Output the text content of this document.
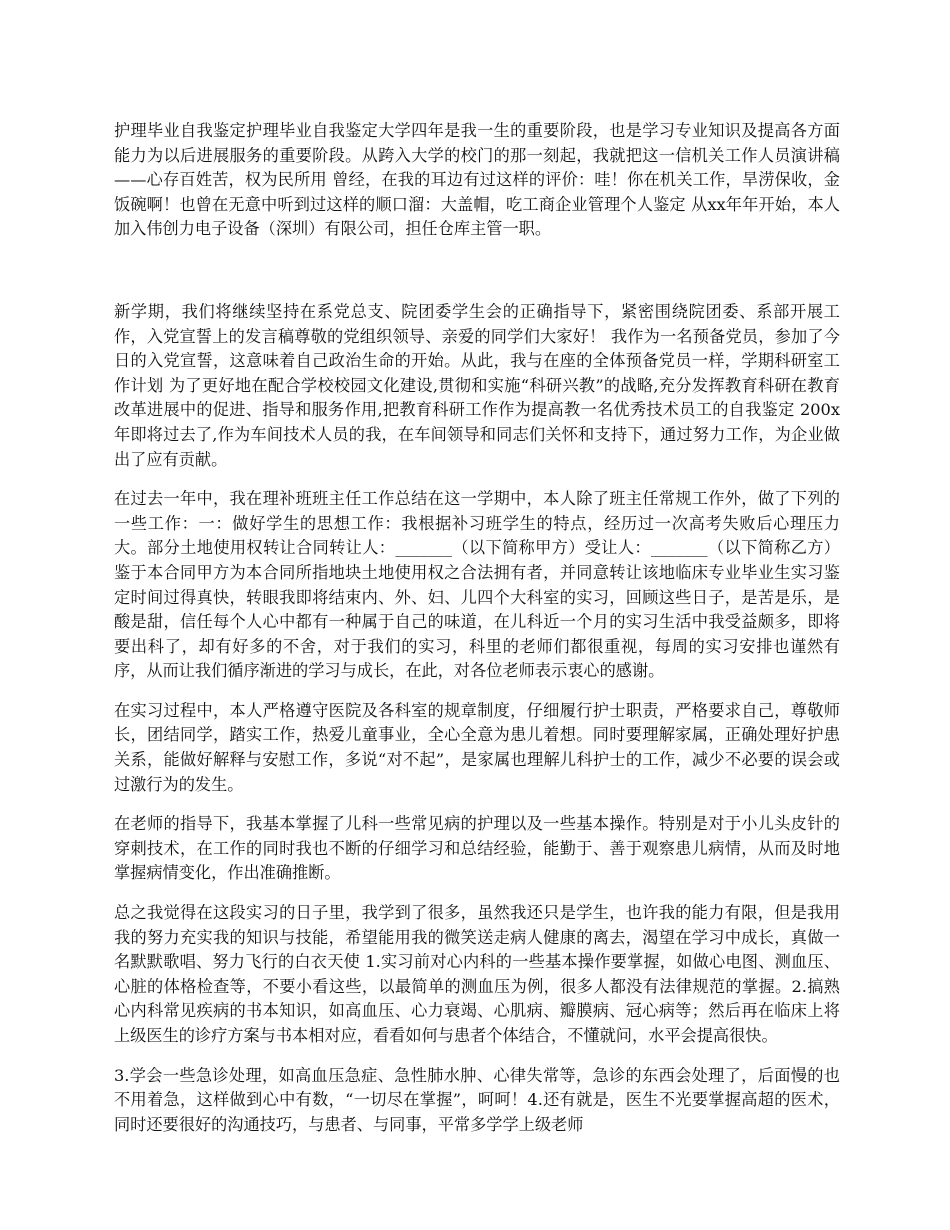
护理毕业自我鉴定护理毕业自我鉴定大学四年是我一生的重要阶段，也是学习专业知识及提高各方面能力为以后进展服务的重要阶段。从跨入大学的校门的那一刻起，我就把这一信机关工作人员演讲稿——心存百姓苦，权为民所用 曾经，在我的耳边有过这样的评价：哇！你在机关工作，旱涝保收，金饭碗啊！也曾在无意中听到过这样的顺口溜：大盖帽，吃工商企业管理个人鉴定 从xx年年开始，本人加入伟创力电子设备（深圳）有限公司，担任仓库主管一职。

新学期，我们将继续坚持在系党总支、院团委学生会的正确指导下，紧密围绕院团委、系部开展工作，入党宣誓上的发言稿尊敬的党组织领导、亲爱的同学们大家好！ 我作为一名预备党员，参加了今日的入党宣誓，这意味着自己政治生命的开始。从此，我与在座的全体预备党员一样，学期科研室工作计划 为了更好地在配合学校校园文化建设,贯彻和实施“科研兴教”的战略,充分发挥教育科研在教育改革进展中的促进、指导和服务作用,把教育科研工作作为提高教一名优秀技术员工的自我鉴定 200x年即将过去了,作为车间技术人员的我，在车间领导和同志们关怀和支持下，通过努力工作，为企业做出了应有贡献。

在过去一年中，我在理补班班主任工作总结在这一学期中，本人除了班主任常规工作外，做了下列的一些工作：一：做好学生的思想工作：我根据补习班学生的特点，经历过一次高考失败后心理压力大。部分土地使用权转让合同转让人：_______（以下简称甲方）受让人：_______（以下简称乙方）鉴于本合同甲方为本合同所指地块土地使用权之合法拥有者，并同意转让该地临床专业毕业生实习鉴定时间过得真快，转眼我即将结束内、外、妇、儿四个大科室的实习，回顾这些日子，是苦是乐，是酸是甜，信任每个人心中都有一种属于自己的味道，在儿科近一个月的实习生活中我受益颇多，即将要出科了，却有好多的不舍，对于我们的实习，科里的老师们都很重视，每周的实习安排也谨然有序，从而让我们循序渐进的学习与成长，在此，对各位老师表示衷心的感谢。

在实习过程中，本人严格遵守医院及各科室的规章制度，仔细履行护士职责，严格要求自己，尊敬师长，团结同学，踏实工作，热爱儿童事业，全心全意为患儿着想。同时要理解家属，正确处理好护患关系，能做好解释与安慰工作，多说“对不起”，是家属也理解儿科护士的工作，减少不必要的误会或过激行为的发生。

在老师的指导下，我基本掌握了儿科一些常见病的护理以及一些基本操作。特别是对于小儿头皮针的穿刺技术，在工作的同时我也不断的仔细学习和总结经验，能勤于、善于观察患儿病情，从而及时地掌握病情变化，作出准确推断。

总之我觉得在这段实习的日子里，我学到了很多，虽然我还只是学生，也许我的能力有限，但是我用我的努力充实我的知识与技能，希望能用我的微笑送走病人健康的离去，渴望在学习中成长，真做一名默默歌唱、努力飞行的白衣天使 1.实习前对心内科的一些基本操作要掌握，如做心电图、测血压、心脏的体格检查等，不要小看这些，以最简单的测血压为例，很多人都没有法律规范的掌握。2.搞熟心内科常见疾病的书本知识，如高血压、心力衰竭、心肌病、瓣膜病、冠心病等；然后再在临床上将上级医生的诊疗方案与书本相对应，看看如何与患者个体结合，不懂就问，水平会提高很快。

3.学会一些急诊处理，如高血压急症、急性肺水肿、心律失常等，急诊的东西会处理了，后面慢的也不用着急，这样做到心中有数，“一切尽在掌握”，呵呵！4.还有就是，医生不光要掌握高超的医术，同时还要很好的沟通技巧，与患者、与同事，平常多学学上级老师
